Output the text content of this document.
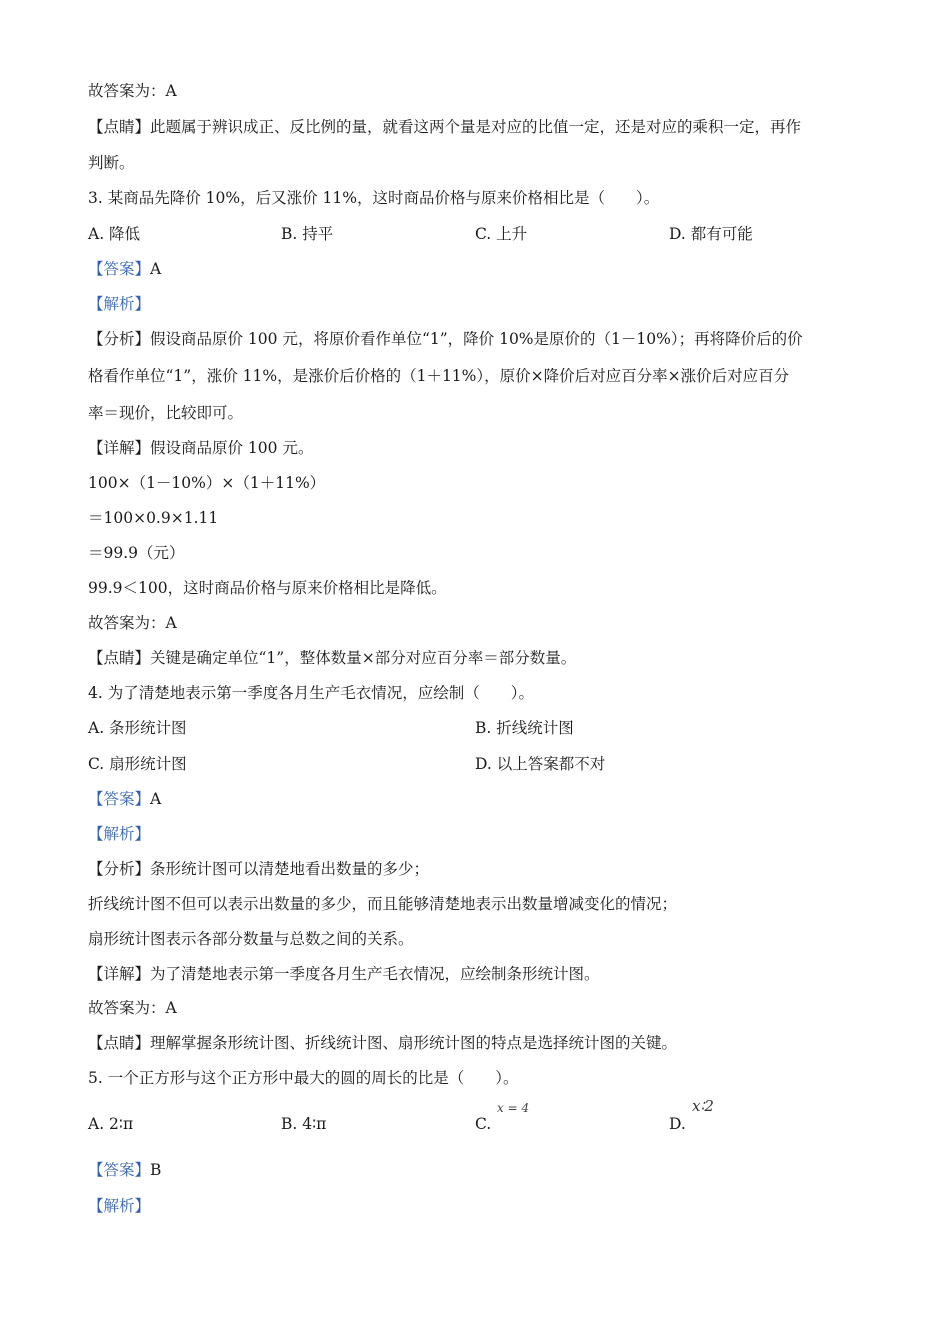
故答案为：A
【点睛】此题属于辨识成正、反比例的量，就看这两个量是对应的比值一定，还是对应的乘积一定，再作
判断。
3. 某商品先降价 10%，后又涨价 11%，这时商品价格与原来价格相比是（　　）。
A. 降低	B. 持平	C. 上升	D. 都有可能
【答案】A
【解析】
【分析】假设商品原价 100 元，将原价看作单位“1”，降价 10%是原价的（1－10%）；再将降价后的价
格看作单位“1”，涨价 11%，是涨价后价格的（1＋11%），原价×降价后对应百分率×涨价后对应百分
率＝现价，比较即可。
【详解】假设商品原价 100 元。
100×（1－10%）×（1＋11%）
＝100×0.9×1.11
＝99.9（元）
99.9＜100，这时商品价格与原来价格相比是降低。
故答案为：A
【点睛】关键是确定单位“1”，整体数量×部分对应百分率＝部分数量。
4. 为了清楚地表示第一季度各月生产毛衣情况，应绘制（　　）。
A. 条形统计图	B. 折线统计图
C. 扇形统计图	D. 以上答案都不对
【答案】A
【解析】
【分析】条形统计图可以清楚地看出数量的多少；
折线统计图不但可以表示出数量的多少，而且能够清楚地表示出数量增减变化的情况；
扇形统计图表示各部分数量与总数之间的关系。
【详解】为了清楚地表示第一季度各月生产毛衣情况，应绘制条形统计图。
故答案为：A
【点睛】理解掌握条形统计图、折线统计图、扇形统计图的特点是选择统计图的关键。
5. 一个正方形与这个正方形中最大的圆的周长的比是（　　）。
A. 2∶π	B. 4∶π	C.
x = 4
D.
x∶2
【答案】B
【解析】
